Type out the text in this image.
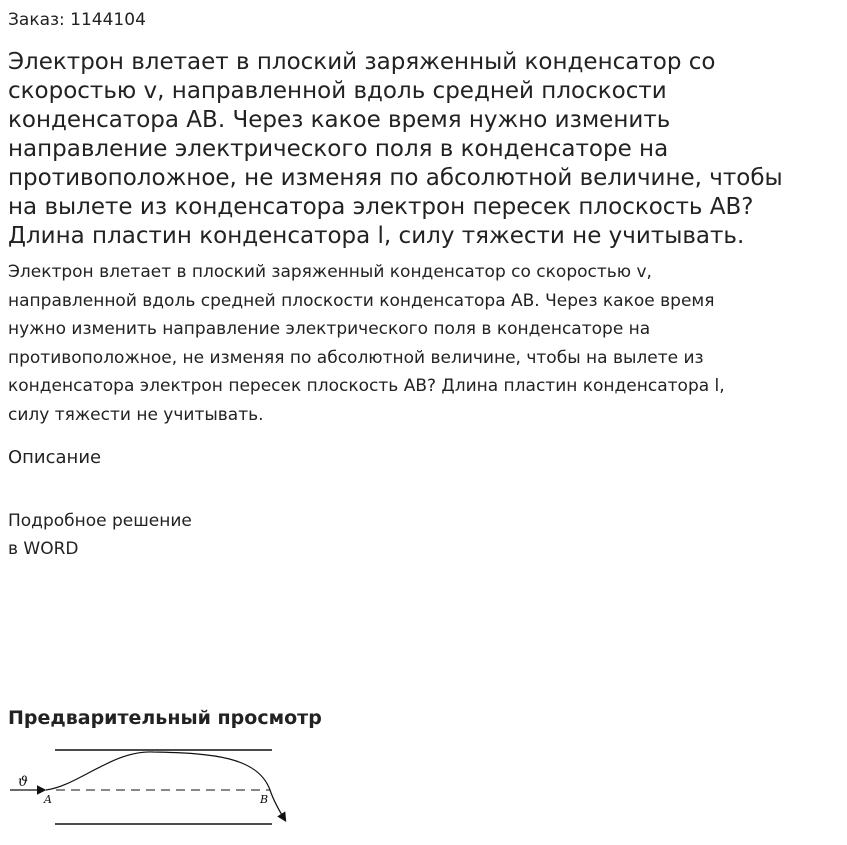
Заказ: 1144104
Электрон влетает в плоский заряженный конденсатор со
скоростью v, направленной вдоль средней плоскости
конденсатора АВ. Через какое время нужно изменить
направление электрического поля в конденсаторе на
противоположное, не изменяя по абсолютной величине, чтобы
на вылете из конденсатора электрон пересек плоскость АВ?
Длина пластин конденсатора l, силу тяжести не учитывать.

Электрон влетает в плоский заряженный конденсатор со скоростью v,
направленной вдоль средней плоскости конденсатора АВ. Через какое время
нужно изменить направление электрического поля в конденсаторе на
противоположное, не изменяя по абсолютной величине, чтобы на вылете из
конденсатора электрон пересек плоскость АВ? Длина пластин конденсатора l,
силу тяжести не учитывать.

Описание
Подробное решение
в WORD
Предварительный просмотр
ϑ
A	B
